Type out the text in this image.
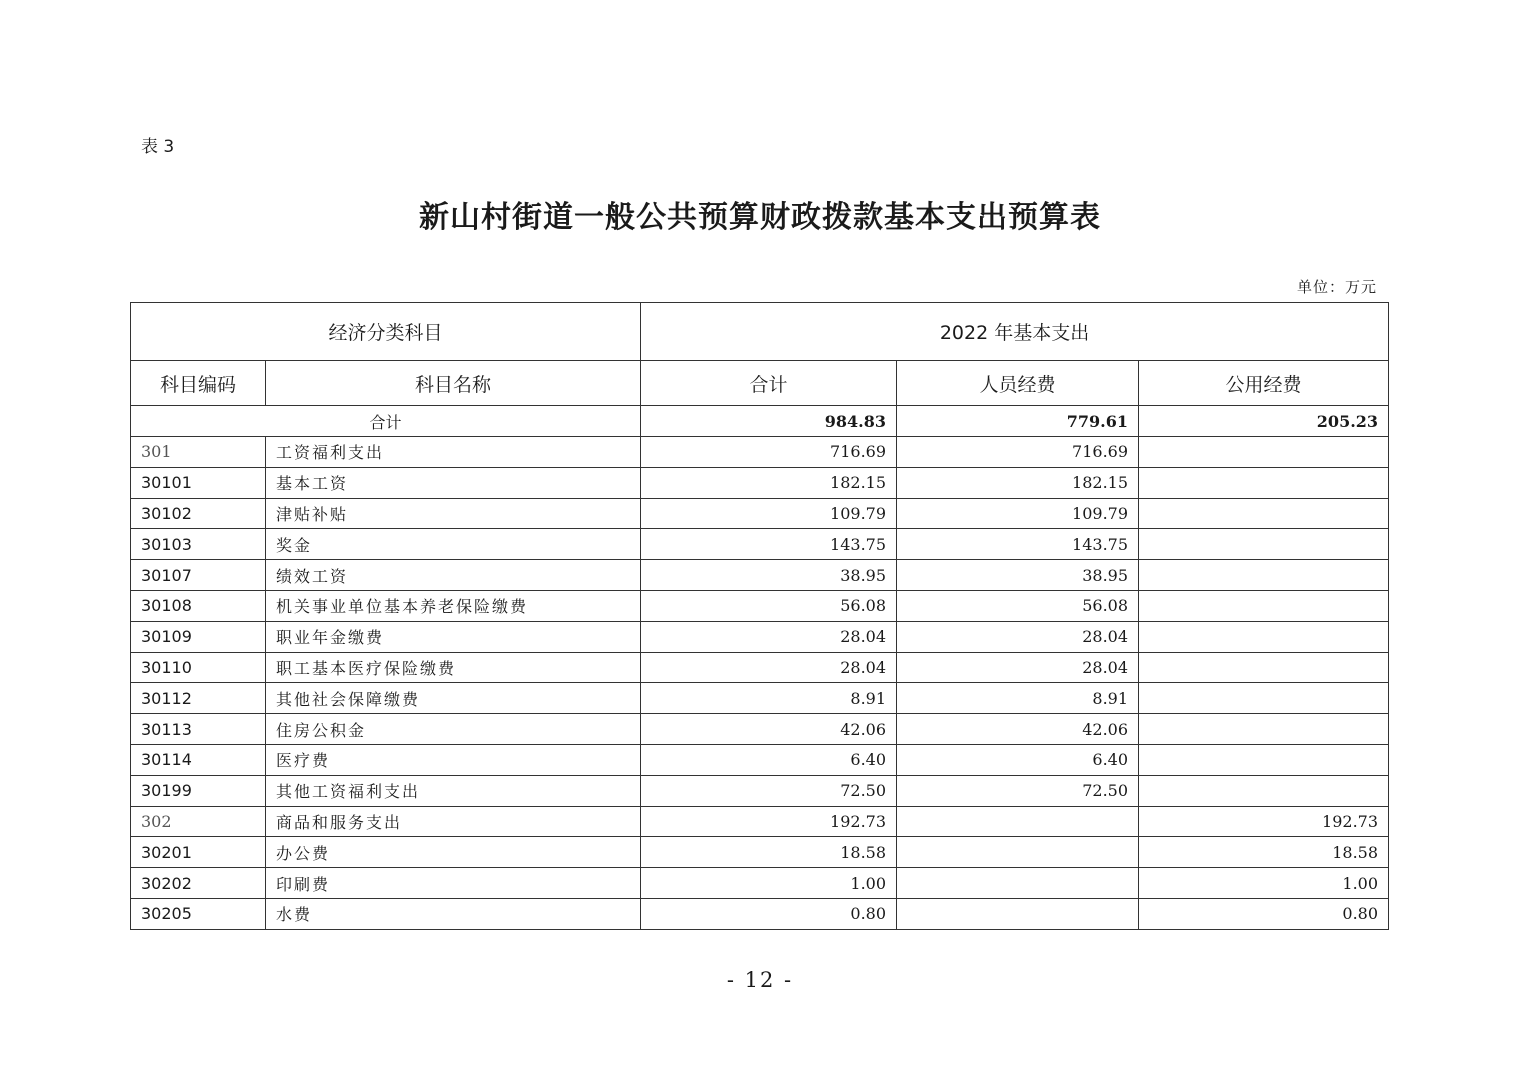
表 3
新山村街道一般公共预算财政拨款基本支出预算表
单位：万元
经济分类科目		2022 年基本支出		
科目编码	科目名称	合计	人员经费	公用经费
合计		984.83	779.61	205.23
301	工资福利支出	716.69	716.69	
30101	基本工资	182.15	182.15	
30102	津贴补贴	109.79	109.79	
30103	奖金	143.75	143.75	
30107	绩效工资	38.95	38.95	
30108	机关事业单位基本养老保险缴费	56.08	56.08	
30109	职业年金缴费	28.04	28.04	
30110	职工基本医疗保险缴费	28.04	28.04	
30112	其他社会保障缴费	8.91	8.91	
30113	住房公积金	42.06	42.06	
30114	医疗费	6.40	6.40	
30199	其他工资福利支出	72.50	72.50	
302	商品和服务支出	192.73		192.73
30201	办公费	18.58		18.58
30202	印刷费	1.00		1.00
30205	水费	0.80		0.80
- 12 -
